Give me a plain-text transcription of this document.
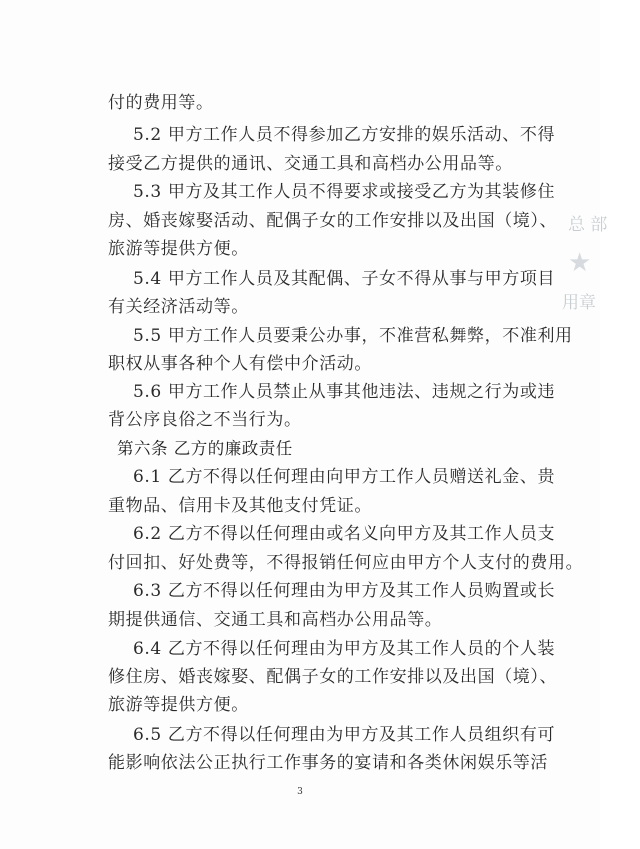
付的费用等。

5.2 甲方工作人员不得参加乙方安排的娱乐活动、不得

接受乙方提供的通讯、交通工具和高档办公用品等。

5.3 甲方及其工作人员不得要求或接受乙方为其装修住

房、婚丧嫁娶活动、配偶子女的工作安排以及出国（境）、

旅游等提供方便。

5.4 甲方工作人员及其配偶、子女不得从事与甲方项目

有关经济活动等。

5.5 甲方工作人员要秉公办事，不准营私舞弊，不准利用

职权从事各种个人有偿中介活动。

5.6 甲方工作人员禁止从事其他违法、违规之行为或违

背公序良俗之不当行为。

第六条 乙方的廉政责任

6.1 乙方不得以任何理由向甲方工作人员赠送礼金、贵

重物品、信用卡及其他支付凭证。

6.2 乙方不得以任何理由或名义向甲方及其工作人员支

付回扣、好处费等，不得报销任何应由甲方个人支付的费用。

6.3 乙方不得以任何理由为甲方及其工作人员购置或长

期提供通信、交通工具和高档办公用品等。

6.4 乙方不得以任何理由为甲方及其工作人员的个人装

修住房、婚丧嫁娶、配偶子女的工作安排以及出国（境）、

旅游等提供方便。

6.5 乙方不得以任何理由为甲方及其工作人员组织有可

能影响依法公正执行工作事务的宴请和各类休闲娱乐等活

3

总 部
★
用章
